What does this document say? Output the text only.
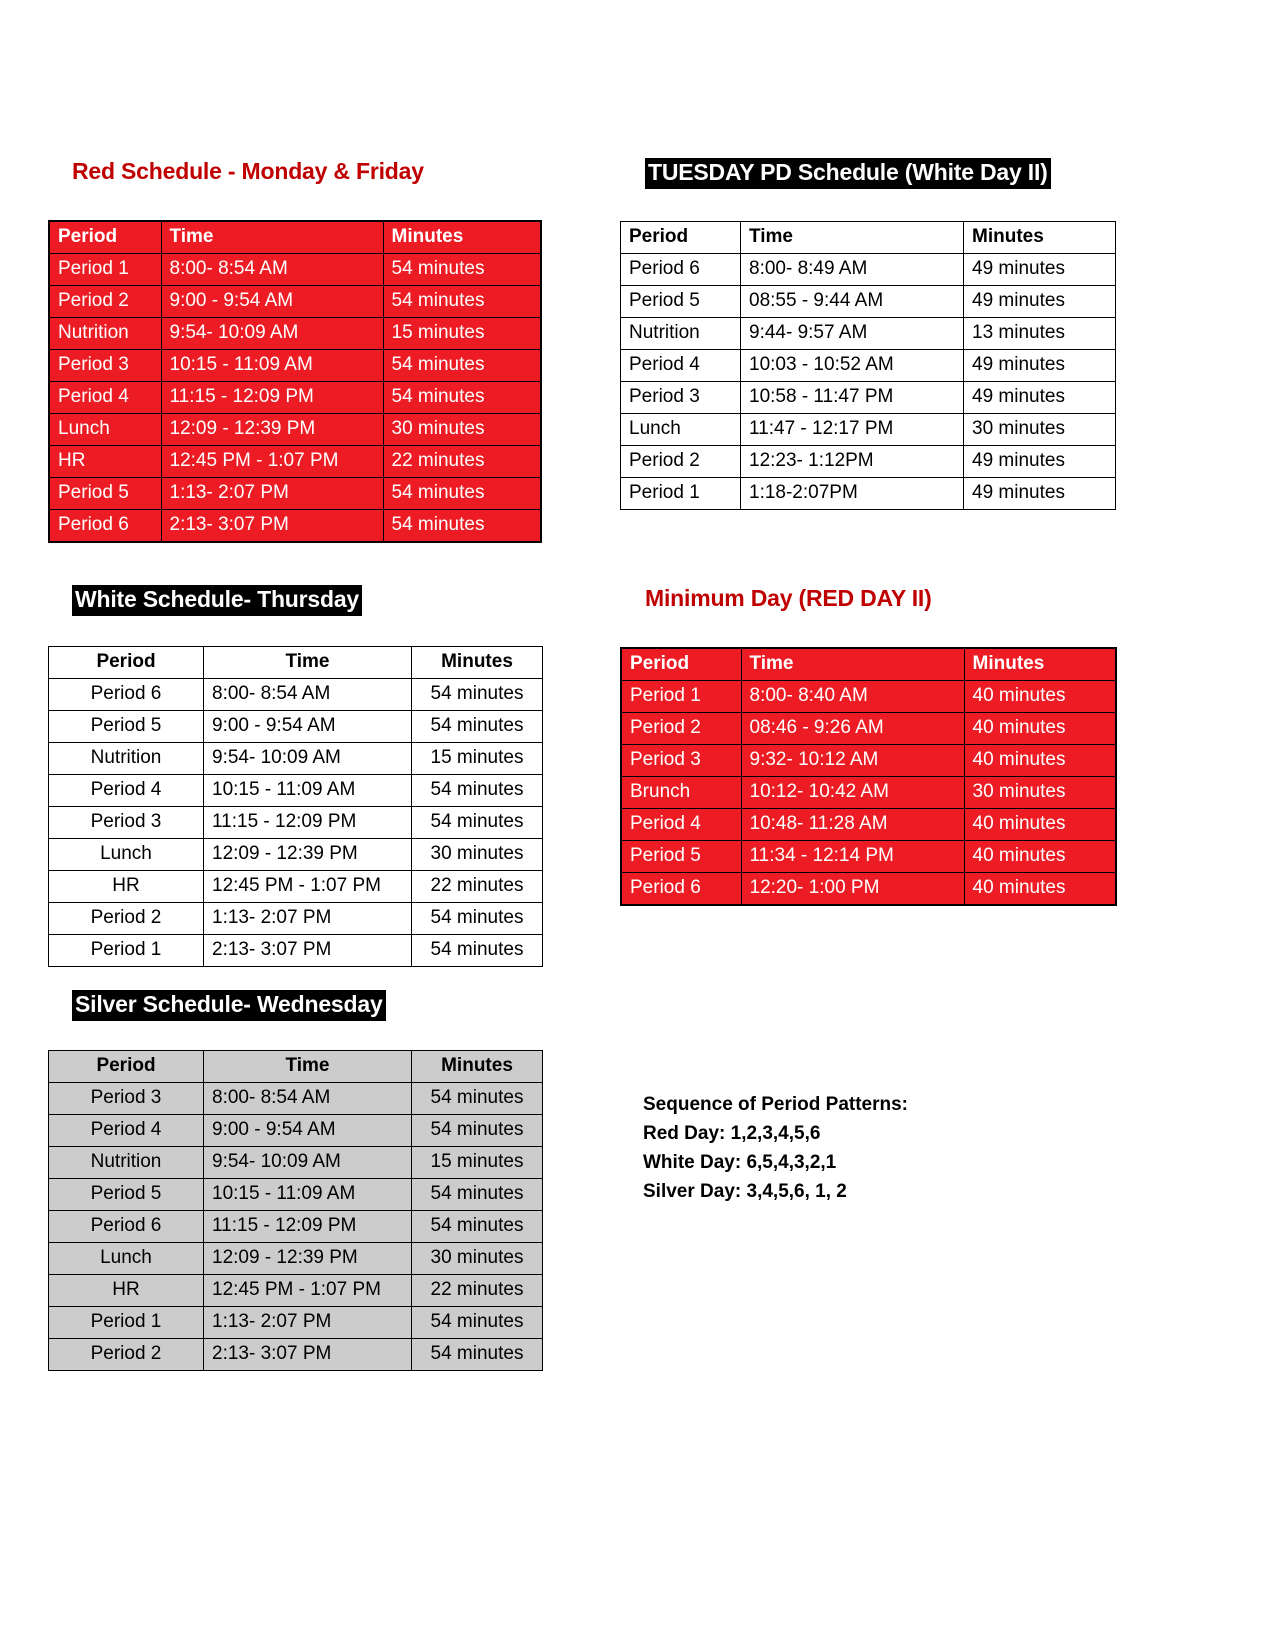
Red Schedule - Monday & Friday
Period	Time	Minutes
Period 1	8:00- 8:54 AM	54 minutes
Period 2	9:00 - 9:54 AM	54 minutes
Nutrition	9:54- 10:09 AM	15 minutes
Period 3	10:15 - 11:09 AM	54 minutes
Period 4	11:15 - 12:09 PM	54 minutes
Lunch	12:09 - 12:39 PM	30 minutes
HR	12:45 PM - 1:07 PM	22 minutes
Period 5	1:13- 2:07 PM	54 minutes
Period 6	2:13- 3:07 PM	54 minutes
TUESDAY PD Schedule (White Day II)
Period	Time	Minutes
Period 6	8:00- 8:49 AM	49 minutes
Period 5	08:55 - 9:44 AM	49 minutes
Nutrition	9:44- 9:57 AM	13 minutes
Period 4	10:03 - 10:52 AM	49 minutes
Period 3	10:58 - 11:47 PM	49 minutes
Lunch	11:47 - 12:17 PM	30 minutes
Period 2	12:23- 1:12PM	49 minutes
Period 1	1:18-2:07PM	49 minutes
White Schedule- Thursday
Period	Time	Minutes
Period 6	8:00- 8:54 AM	54 minutes
Period 5	9:00 - 9:54 AM	54 minutes
Nutrition	9:54- 10:09 AM	15 minutes
Period 4	10:15 - 11:09 AM	54 minutes
Period 3	11:15 - 12:09 PM	54 minutes
Lunch	12:09 - 12:39 PM	30 minutes
HR	12:45 PM - 1:07 PM	22 minutes
Period 2	1:13- 2:07 PM	54 minutes
Period 1	2:13- 3:07 PM	54 minutes
Minimum Day (RED DAY II)
Period	Time	Minutes
Period 1	8:00- 8:40 AM	40 minutes
Period 2	08:46 - 9:26 AM	40 minutes
Period 3	9:32- 10:12 AM	40 minutes
Brunch	10:12- 10:42 AM	30 minutes
Period 4	10:48- 11:28 AM	40 minutes
Period 5	11:34 - 12:14 PM	40 minutes
Period 6	12:20- 1:00 PM	40 minutes
Silver Schedule- Wednesday
Period	Time	Minutes
Period 3	8:00- 8:54 AM	54 minutes
Period 4	9:00 - 9:54 AM	54 minutes
Nutrition	9:54- 10:09 AM	15 minutes
Period 5	10:15 - 11:09 AM	54 minutes
Period 6	11:15 - 12:09 PM	54 minutes
Lunch	12:09 - 12:39 PM	30 minutes
HR	12:45 PM - 1:07 PM	22 minutes
Period 1	1:13- 2:07 PM	54 minutes
Period 2	2:13- 3:07 PM	54 minutes
Sequence of Period Patterns:
Red Day: 1,2,3,4,5,6
White Day: 6,5,4,3,2,1
Silver Day: 3,4,5,6, 1, 2
